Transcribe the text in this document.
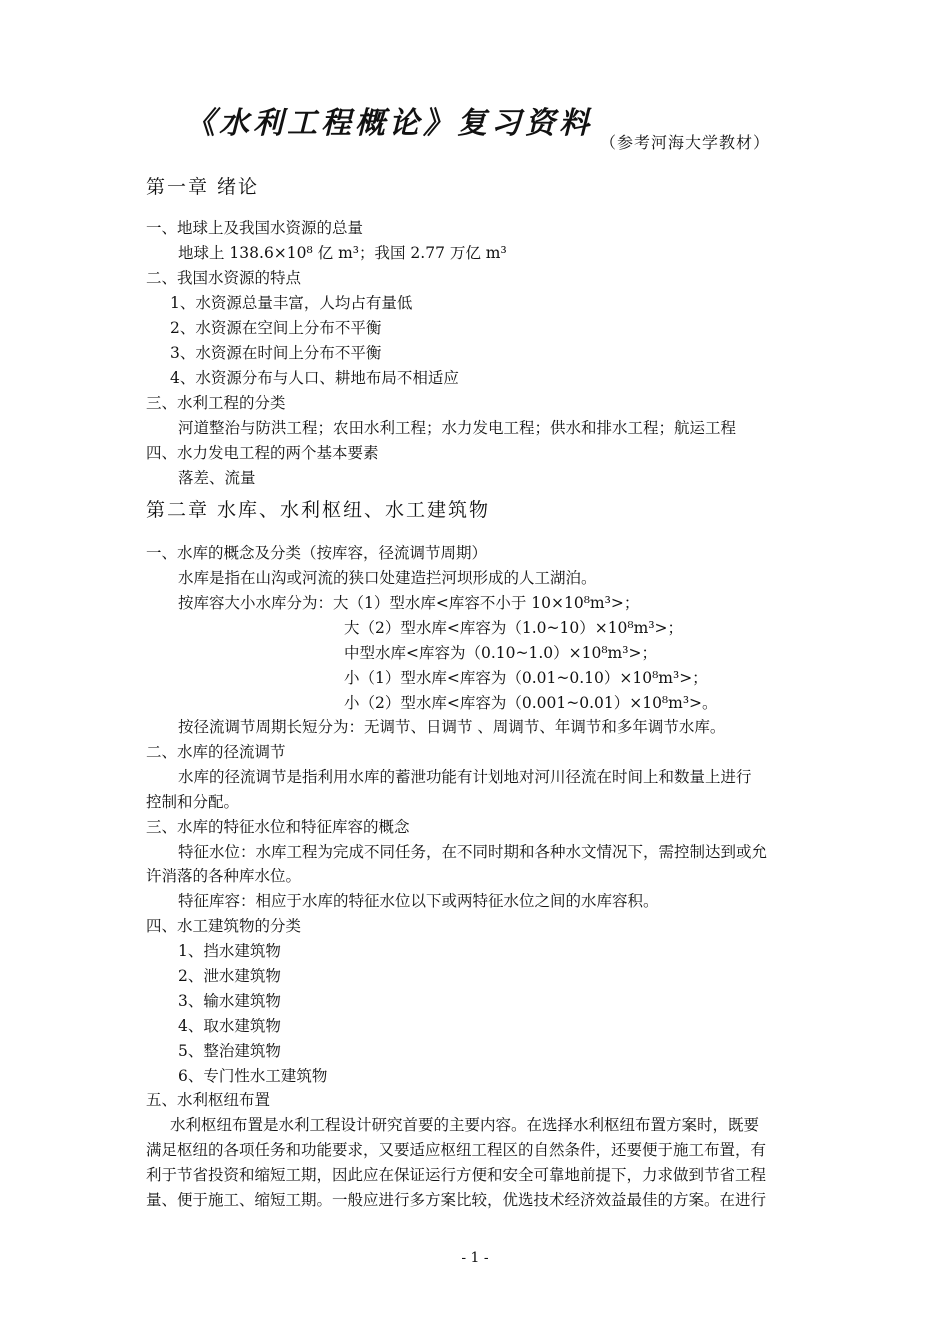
《水利工程概论》复习资料
（参考河海大学教材）
第一章 绪论
一、地球上及我国水资源的总量
地球上 138.6×10⁸ 亿 m³；我国 2.77 万亿 m³
二、我国水资源的特点
1、水资源总量丰富，人均占有量低
2、水资源在空间上分布不平衡
3、水资源在时间上分布不平衡
4、水资源分布与人口、耕地布局不相适应
三、水利工程的分类
河道整治与防洪工程；农田水利工程；水力发电工程；供水和排水工程；航运工程
四、水力发电工程的两个基本要素
落差、流量
第二章 水库、水利枢纽、水工建筑物
一、水库的概念及分类（按库容，径流调节周期）
水库是指在山沟或河流的狭口处建造拦河坝形成的人工湖泊。
按库容大小水库分为：大（1）型水库<库容不小于 10×10⁸m³>；
大（2）型水库<库容为（1.0~10）×10⁸m³>；
中型水库<库容为（0.10~1.0）×10⁸m³>；
小（1）型水库<库容为（0.01~0.10）×10⁸m³>；
小（2）型水库<库容为（0.001~0.01）×10⁸m³>。
按径流调节周期长短分为：无调节、日调节 、周调节、年调节和多年调节水库。
二、水库的径流调节
水库的径流调节是指利用水库的蓄泄功能有计划地对河川径流在时间上和数量上进行
控制和分配。
三、水库的特征水位和特征库容的概念
特征水位：水库工程为完成不同任务，在不同时期和各种水文情况下，需控制达到或允
许消落的各种库水位。
特征库容：相应于水库的特征水位以下或两特征水位之间的水库容积。
四、水工建筑物的分类
1、挡水建筑物
2、泄水建筑物
3、输水建筑物
4、取水建筑物
5、整治建筑物
6、专门性水工建筑物
五、水利枢纽布置
水利枢纽布置是水利工程设计研究首要的主要内容。在选择水利枢纽布置方案时，既要
满足枢纽的各项任务和功能要求，又要适应枢纽工程区的自然条件，还要便于施工布置，有
利于节省投资和缩短工期，因此应在保证运行方便和安全可靠地前提下，力求做到节省工程
量、便于施工、缩短工期。一般应进行多方案比较，优选技术经济效益最佳的方案。在进行
- 1 -
